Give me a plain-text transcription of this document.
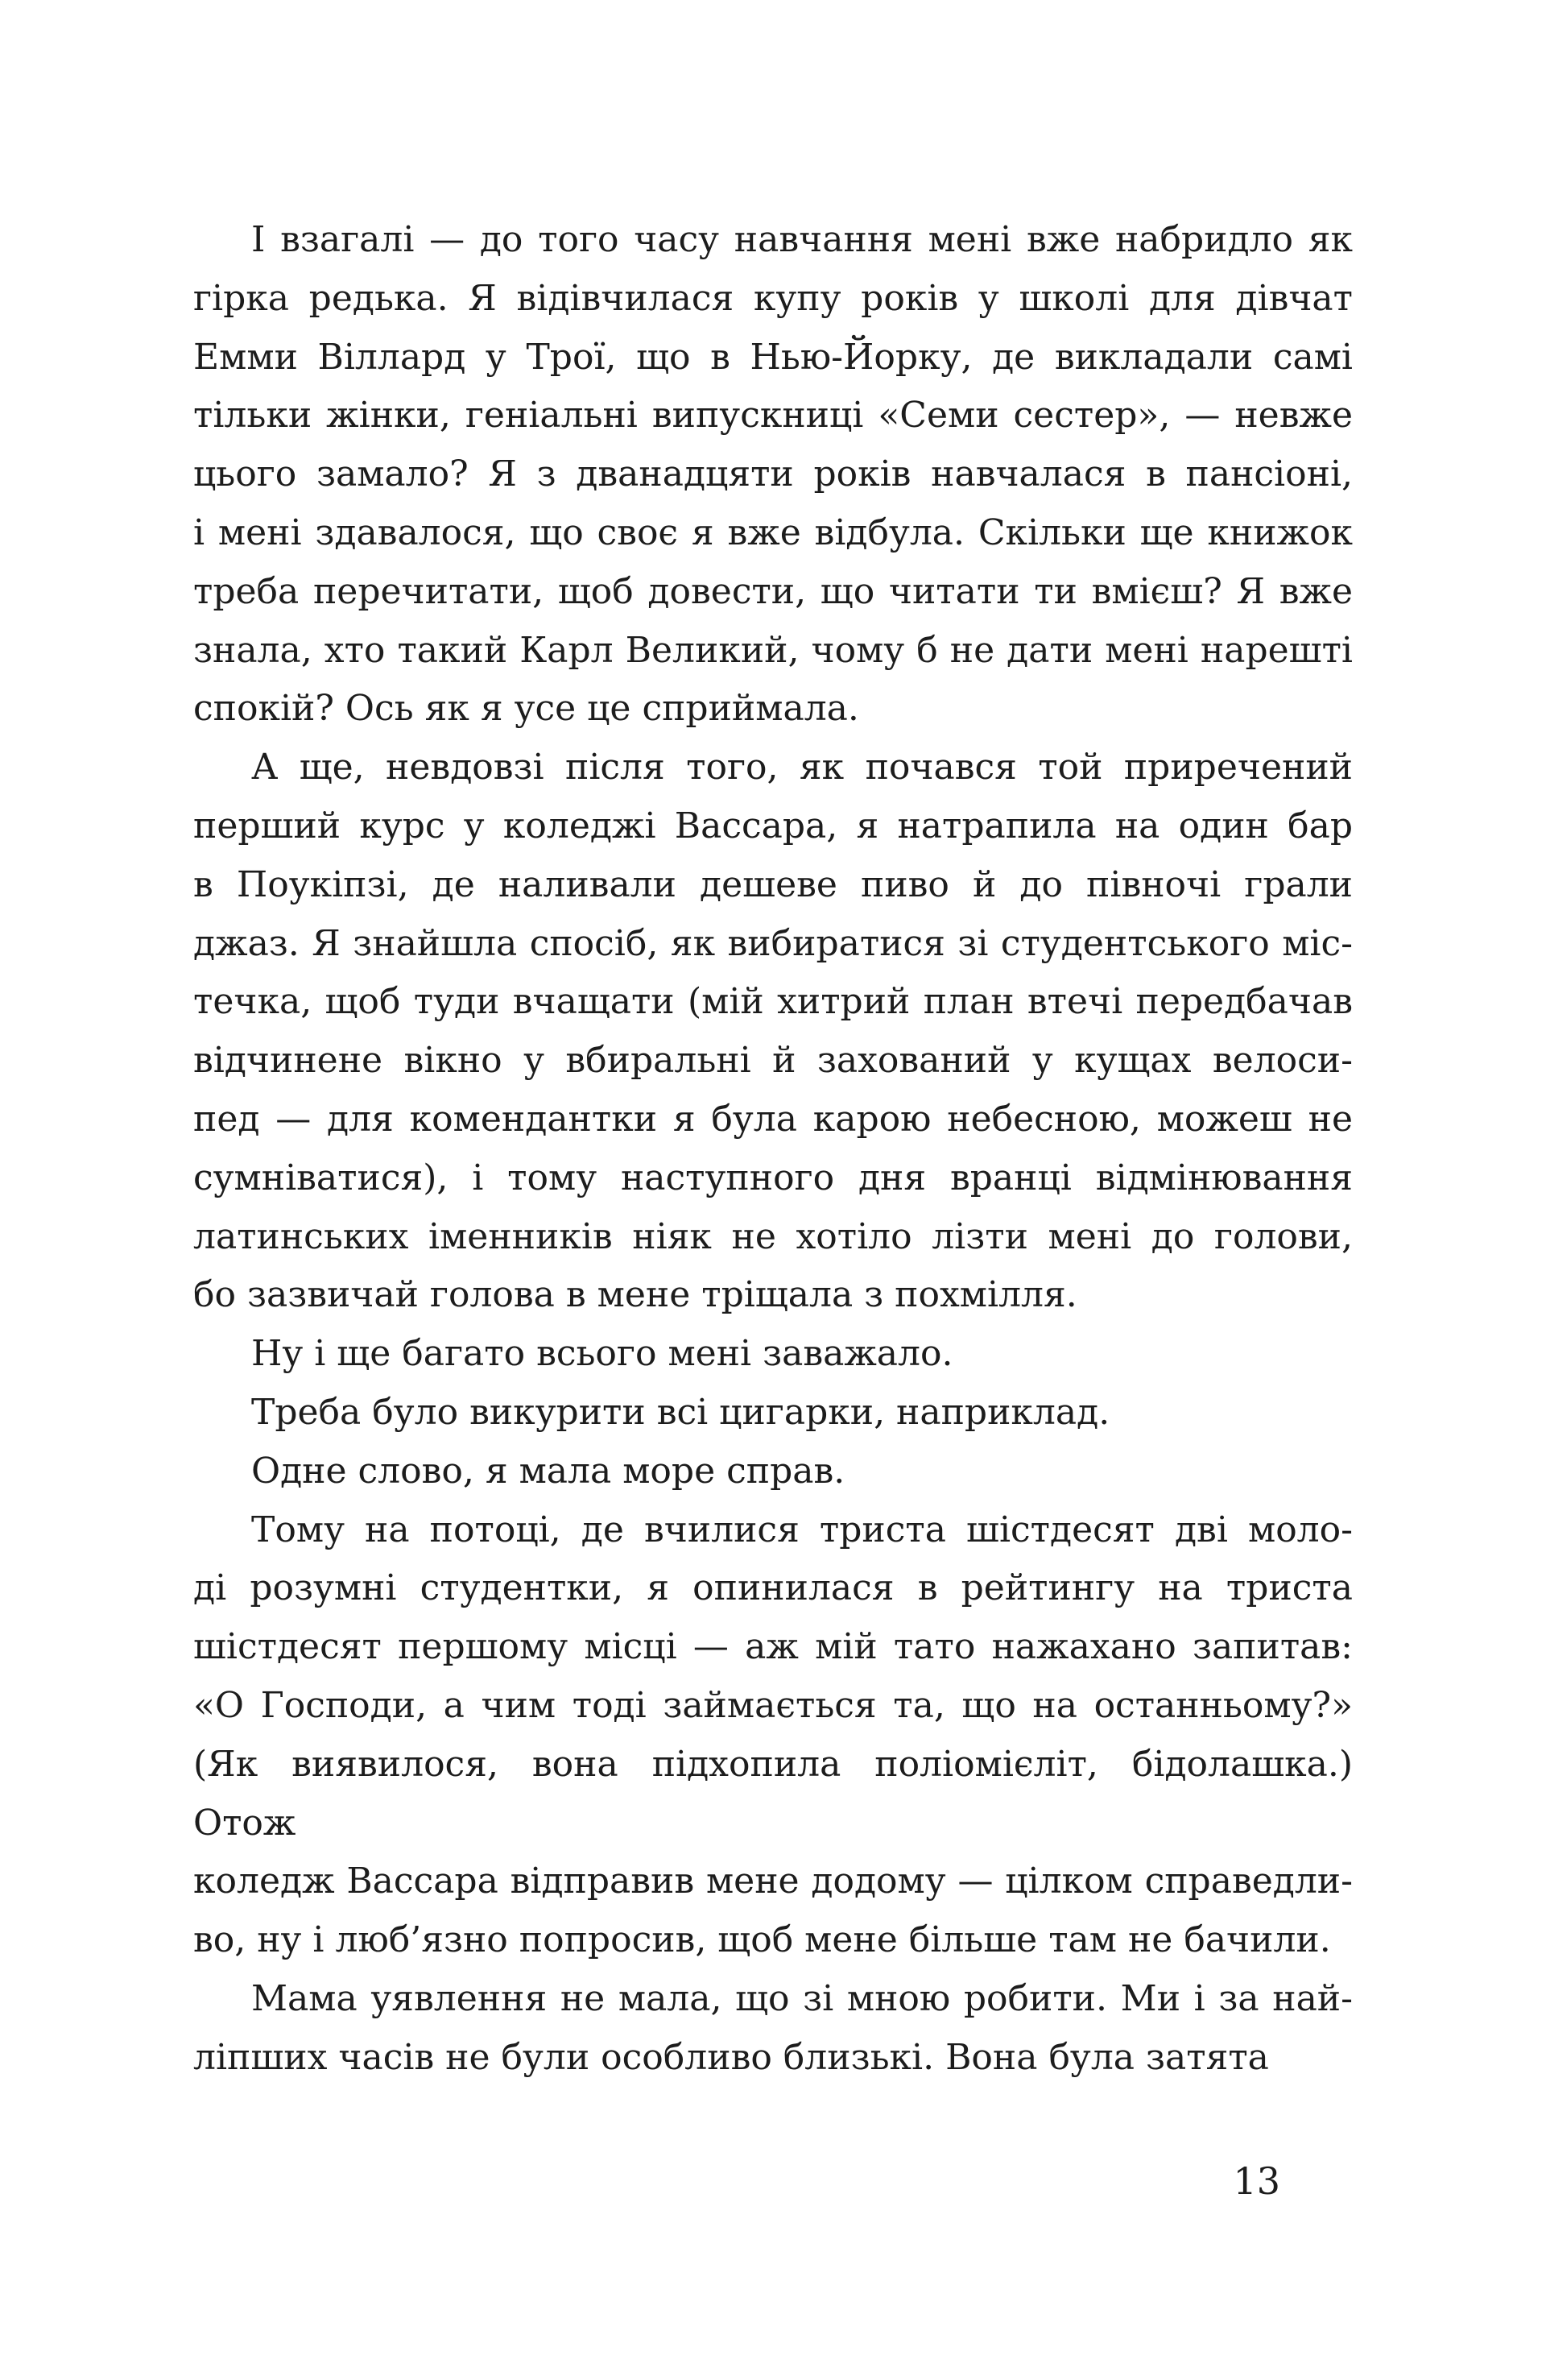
І взагалі — до того часу навчання мені вже набридло як
гірка редька. Я відівчилася купу років у школі для дівчат
Емми Віллард у Трої, що в Нью-Йорку, де викладали самі
тільки жінки, геніальні випускниці «Семи сестер», — невже
цього замало? Я з дванадцяти років навчалася в пансіоні,
і мені здавалося, що своє я вже відбула. Скільки ще книжок
треба перечитати, щоб довести, що читати ти вмієш? Я вже
знала, хто такий Карл Великий, чому б не дати мені нарешті
спокій? Ось як я усе це сприймала.
А ще, невдовзі після того, як почався той приречений
перший курс у коледжі Вассара, я натрапила на один бар
в Поукіпзі, де наливали дешеве пиво й до півночі грали
джаз. Я знайшла спосіб, як вибиратися зі студентського міс-
течка, щоб туди вчащати (мій хитрий план втечі передбачав
відчинене вікно у вбиральні й захований у кущах велоси-
пед — для комендантки я була карою небесною, можеш не
сумніватися), і тому наступного дня вранці відмінювання
латинських іменників ніяк не хотіло лізти мені до голови,
бо зазвичай голова в мене тріщала з похмілля.
Ну і ще багато всього мені заважало.
Треба було викурити всі цигарки, наприклад.
Одне слово, я мала море справ.
Тому на потоці, де вчилися триста шістдесят дві моло-
ді розумні студентки, я опинилася в рейтингу на триста
шістдесят першому місці — аж мій тато нажахано запитав:
«О Господи, а чим тоді займається та, що на останньому?»
(Як виявилося, вона підхопила поліомієліт, бідолашка.) Отож
коледж Вассара відправив мене додому — цілком справедли-
во, ну і люб’язно попросив, щоб мене більше там не бачили.
Мама уявлення не мала, що зі мною робити. Ми і за най-
ліпших часів не були особливо близькі. Вона була затята
13
